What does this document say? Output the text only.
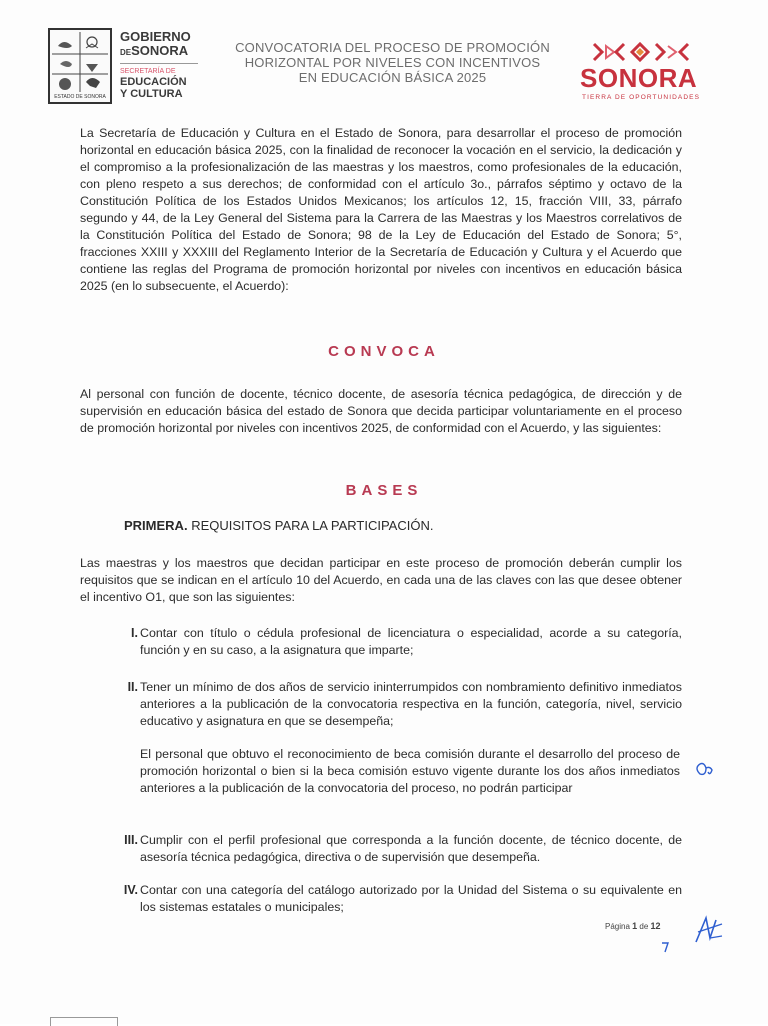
ESTADO DE SONORA
GOBIERNO
DESONORA
SECRETARÍA DE
EDUCACIÓN
Y CULTURA
CONVOCATORIA DEL PROCESO DE PROMOCIÓN
HORIZONTAL POR NIVELES CON INCENTIVOS
EN EDUCACIÓN BÁSICA 2025	SONORA
TIERRA DE OPORTUNIDADES
La Secretaría de Educación y Cultura en el Estado de Sonora, para desarrollar el proceso de promoción horizontal en educación básica 2025, con la finalidad de reconocer la vocación en el servicio, la dedicación y el compromiso a la profesionalización de las maestras y los maestros, como profesionales de la educación, con pleno respeto a sus derechos; de conformidad con el artículo 3o., párrafos séptimo y octavo de la Constitución Política de los Estados Unidos Mexicanos; los artículos 12, 15, fracción VIII, 33, párrafo segundo y 44, de la Ley General del Sistema para la Carrera de las Maestras y los Maestros correlativos de la Constitución Política del Estado de Sonora; 98 de la Ley de Educación del Estado de Sonora; 5°, fracciones XXIII y XXXIII del Reglamento Interior de la Secretaría de Educación y Cultura y el Acuerdo que contiene las reglas del Programa de promoción horizontal por niveles con incentivos en educación básica 2025 (en lo subsecuente, el Acuerdo):
CONVOCA
Al personal con función de docente, técnico docente, de asesoría técnica pedagógica, de dirección y de supervisión en educación básica del estado de Sonora que decida participar voluntariamente en el proceso de promoción horizontal por niveles con incentivos 2025, de conformidad con el Acuerdo, y las siguientes:
BASES
PRIMERA. REQUISITOS PARA LA PARTICIPACIÓN.
Las maestras y los maestros que decidan participar en este proceso de promoción deberán cumplir los requisitos que se indican en el artículo 10 del Acuerdo, en cada una de las claves con las que desee obtener el incentivo O1, que son las siguientes:
I. Contar con título o cédula profesional de licenciatura o especialidad, acorde a su categoría, función y en su caso, a la asignatura que imparte;
II. Tener un mínimo de dos años de servicio ininterrumpidos con nombramiento definitivo inmediatos anteriores a la publicación de la convocatoria respectiva en la función, categoría, nivel, servicio educativo y asignatura en que se desempeña;
El personal que obtuvo el reconocimiento de beca comisión durante el desarrollo del proceso de promoción horizontal o bien si la beca comisión estuvo vigente durante los dos años inmediatos anteriores a la publicación de la convocatoria del proceso, no podrán participar
III. Cumplir con el perfil profesional que corresponda a la función docente, de técnico docente, de asesoría técnica pedagógica, directiva o de supervisión que desempeña.
IV. Contar con una categoría del catálogo autorizado por la Unidad del Sistema o su equivalente en los sistemas estatales o municipales;
Página 1 de 12
